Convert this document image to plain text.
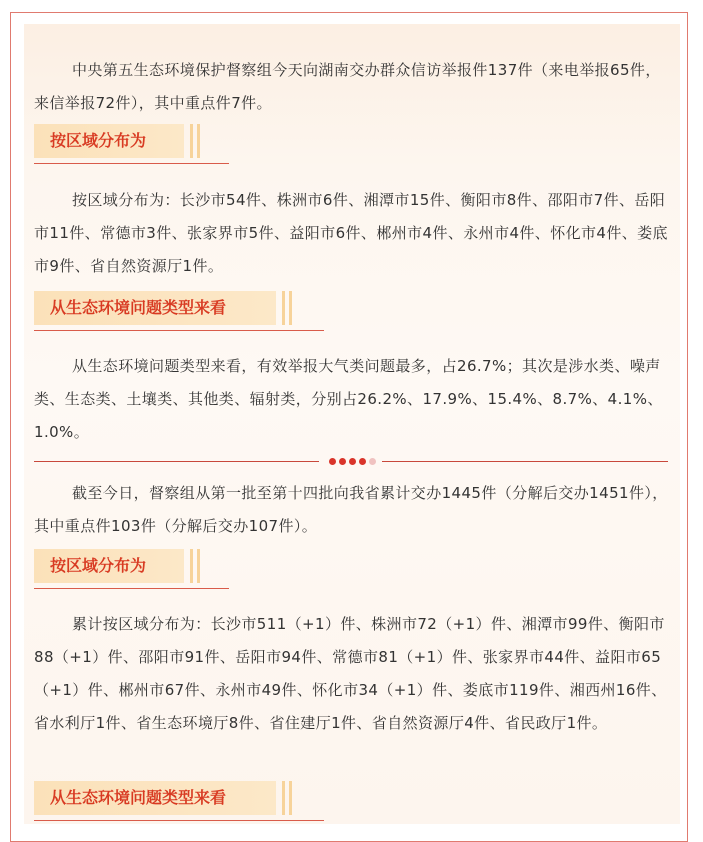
中央第五生态环境保护督察组今天向湖南交办群众信访举报件137件（来电举报65件，来信举报72件），其中重点件7件。

按区域分布为

按区域分布为：长沙市54件、株洲市6件、湘潭市15件、衡阳市8件、邵阳市7件、岳阳市11件、常德市3件、张家界市5件、益阳市6件、郴州市4件、永州市4件、怀化市4件、娄底市9件、省自然资源厅1件。

从生态环境问题类型来看

从生态环境问题类型来看，有效举报大气类问题最多，占26.7%；其次是涉水类、噪声类、生态类、土壤类、其他类、辐射类，分别占26.2%、17.9%、15.4%、8.7%、4.1%、1.0%。

截至今日，督察组从第一批至第十四批向我省累计交办1445件（分解后交办1451件），其中重点件103件（分解后交办107件）。

按区域分布为

累计按区域分布为：长沙市511（+1）件、株洲市72（+1）件、湘潭市99件、衡阳市88（+1）件、邵阳市91件、岳阳市94件、常德市81（+1）件、张家界市44件、益阳市65（+1）件、郴州市67件、永州市49件、怀化市34（+1）件、娄底市119件、湘西州16件、省水利厅1件、省生态环境厅8件、省住建厅1件、省自然资源厅4件、省民政厅1件。

从生态环境问题类型来看
